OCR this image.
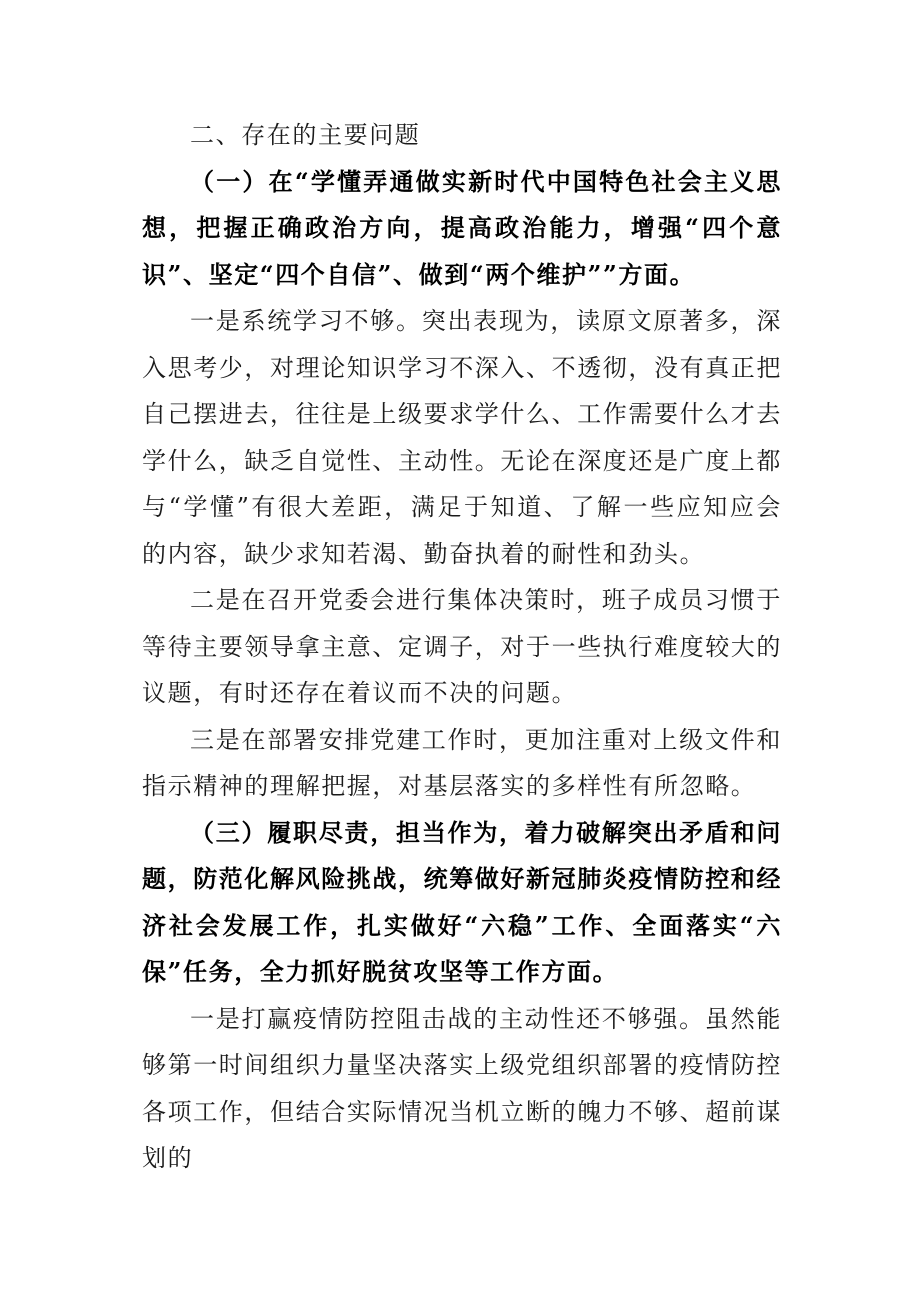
二、存在的主要问题

（一）在“学懂弄通做实新时代中国特色社会主义思想，把握正确政治方向，提高政治能力，增强“四个意识”、坚定“四个自信”、做到“两个维护””方面。

一是系统学习不够。突出表现为，读原文原著多，深入思考少，对理论知识学习不深入、不透彻，没有真正把自己摆进去，往往是上级要求学什么、工作需要什么才去学什么，缺乏自觉性、主动性。无论在深度还是广度上都与“学懂”有很大差距，满足于知道、了解一些应知应会的内容，缺少求知若渴、勤奋执着的耐性和劲头。

二是在召开党委会进行集体决策时，班子成员习惯于等待主要领导拿主意、定调子，对于一些执行难度较大的议题，有时还存在着议而不决的问题。

三是在部署安排党建工作时，更加注重对上级文件和指示精神的理解把握，对基层落实的多样性有所忽略。

（三）履职尽责，担当作为，着力破解突出矛盾和问题，防范化解风险挑战，统筹做好新冠肺炎疫情防控和经济社会发展工作，扎实做好“六稳”工作、全面落实“六保”任务，全力抓好脱贫攻坚等工作方面。

一是打赢疫情防控阻击战的主动性还不够强。虽然能够第一时间组织力量坚决落实上级党组织部署的疫情防控各项工作，但结合实际情况当机立断的魄力不够、超前谋划的
